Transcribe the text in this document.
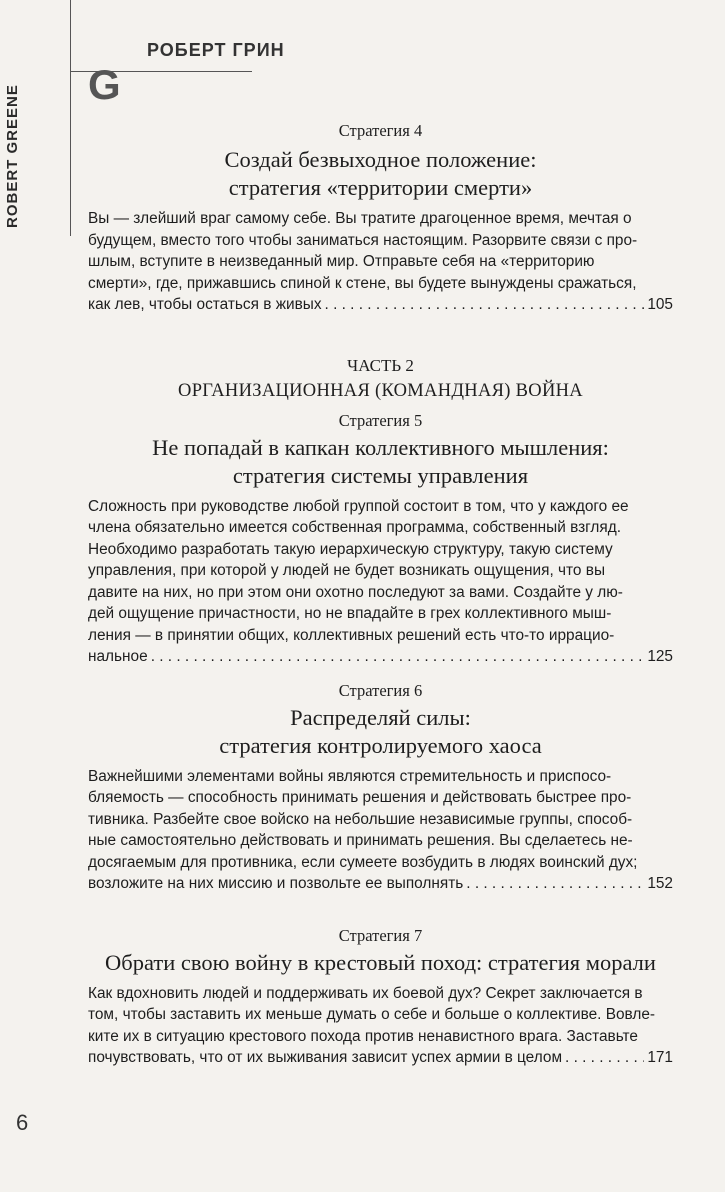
ROBERT GREENE
РОБЕРТ ГРИН
G

Стратегия 4

Создай безвыходное положение:

стратегия «территории смерти»

Вы — злейший враг самому себе. Вы тратите драгоценное время, мечтая о
будущем, вместо того чтобы заниматься настоящим. Разорвите связи с про-
шлым, вступите в неизведанный мир. Отправьте себя на «территорию
смерти», где, прижавшись спиной к стене, вы будете вынуждены сражаться,
как лев, чтобы остаться в живых . . .	105

ЧАСТЬ 2

ОРГАНИЗАЦИОННАЯ (КОМАНДНАЯ) ВОЙНА

Стратегия 5

Не попадай в капкан коллективного мышления:

стратегия системы управления

Сложность при руководстве любой группой состоит в том, что у каждого ее
члена обязательно имеется собственная программа, собственный взгляд.
Необходимо разработать такую иерархическую структуру, такую систему
управления, при которой у людей не будет возникать ощущения, что вы
давите на них, но при этом они охотно последуют за вами. Создайте у лю-
дей ощущение причастности, но не впадайте в грех коллективного мыш-
ления — в принятии общих, коллективных решений есть что-то иррацио-
нальное . . .	125

Стратегия 6

Распределяй силы:

стратегия контролируемого хаоса

Важнейшими элементами войны являются стремительность и приспосо-
бляемость — способность принимать решения и действовать быстрее про-
тивника. Разбейте свое войско на небольшие независимые группы, способ-
ные самостоятельно действовать и принимать решения. Вы сделаетесь не-
досягаемым для противника, если сумеете возбудить в людях воинский дух;
возложите на них миссию и позвольте ее выполнять . . .	152

Стратегия 7

Обрати свою войну в крестовый поход: стратегия морали

Как вдохновить людей и поддерживать их боевой дух? Секрет заключается в
том, чтобы заставить их меньше думать о себе и больше о коллективе. Вовле-
ките их в ситуацию крестового похода против ненавистного врага. Заставьте
почувствовать, что от их выживания зависит успех армии в целом . . .	171
6
